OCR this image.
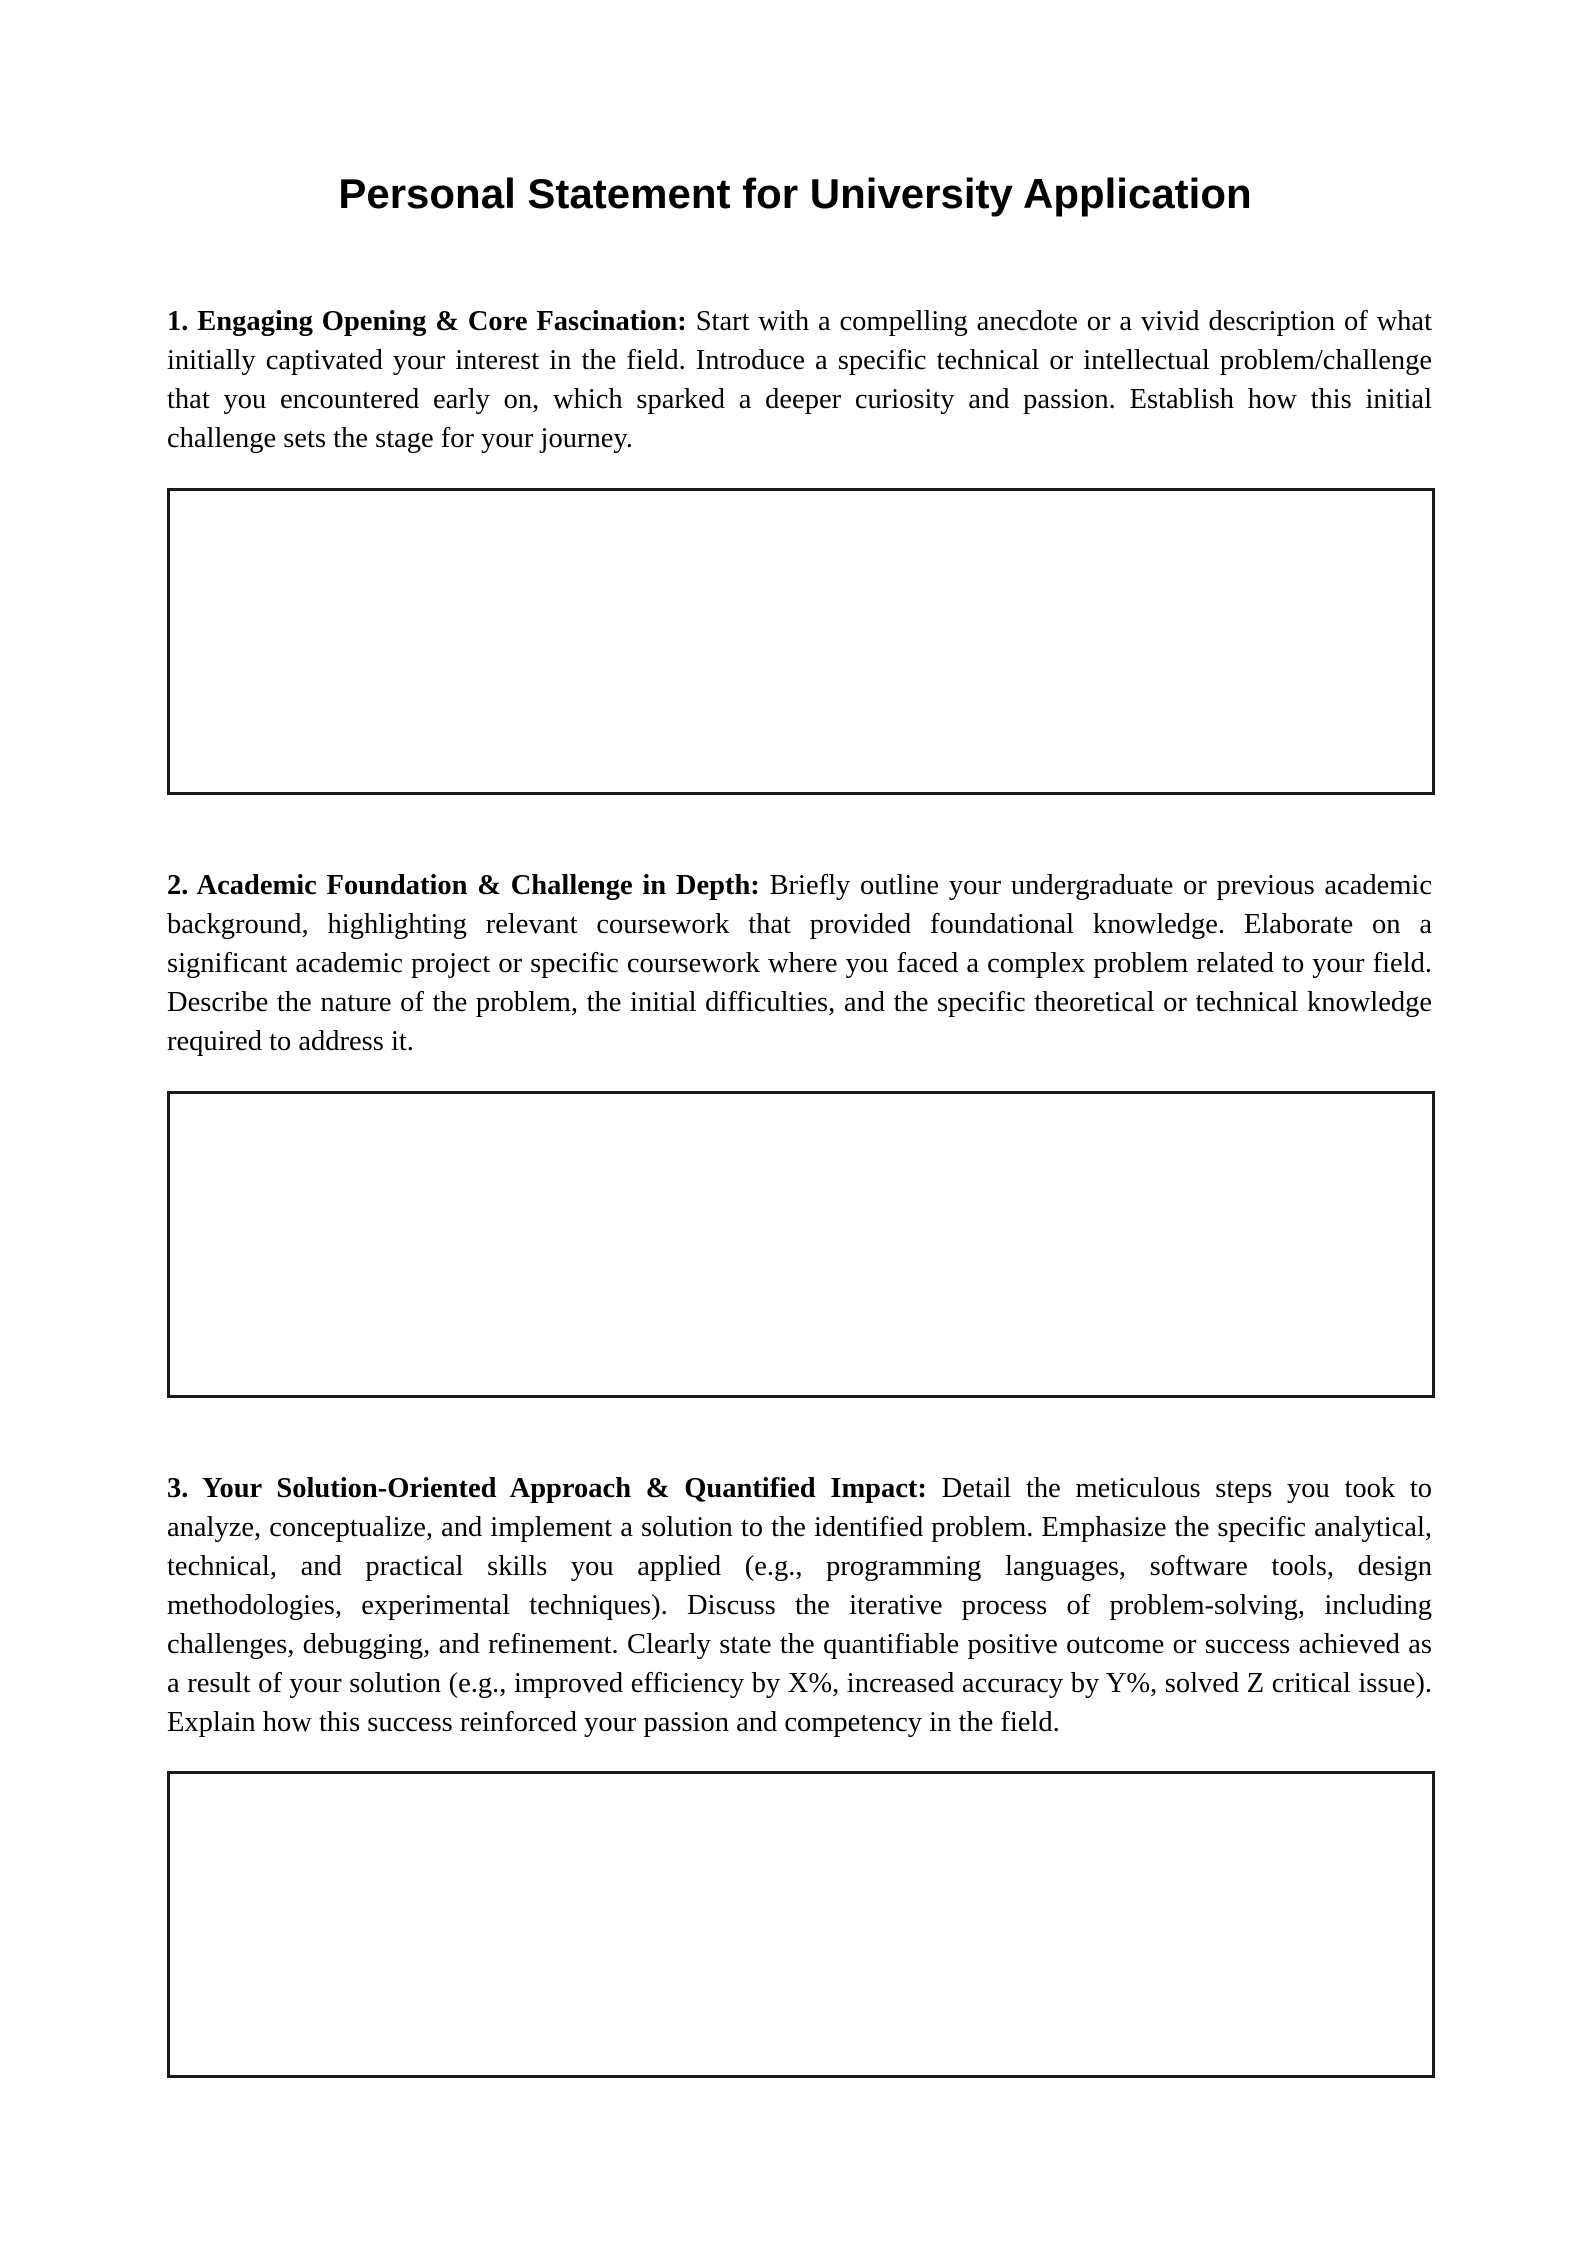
Personal Statement for University Application

1. Engaging Opening & Core Fascination: Start with a compelling anecdote or a vivid description of what initially captivated your interest in the field. Introduce a specific technical or intellectual problem/challenge that you encountered early on, which sparked a deeper curiosity and passion. Establish how this initial challenge sets the stage for your journey.

2. Academic Foundation & Challenge in Depth: Briefly outline your undergraduate or previous academic background, highlighting relevant coursework that provided foundational knowledge. Elaborate on a significant academic project or specific coursework where you faced a complex problem related to your field. Describe the nature of the problem, the initial difficulties, and the specific theoretical or technical knowledge required to address it.

3. Your Solution-Oriented Approach & Quantified Impact: Detail the meticulous steps you took to analyze, conceptualize, and implement a solution to the identified problem. Emphasize the specific analytical, technical, and practical skills you applied (e.g., programming languages, software tools, design methodologies, experimental techniques). Discuss the iterative process of problem-solving, including challenges, debugging, and refinement. Clearly state the quantifiable positive outcome or success achieved as a result of your solution (e.g., improved efficiency by X%, increased accuracy by Y%, solved Z critical issue). Explain how this success reinforced your passion and competency in the field.
